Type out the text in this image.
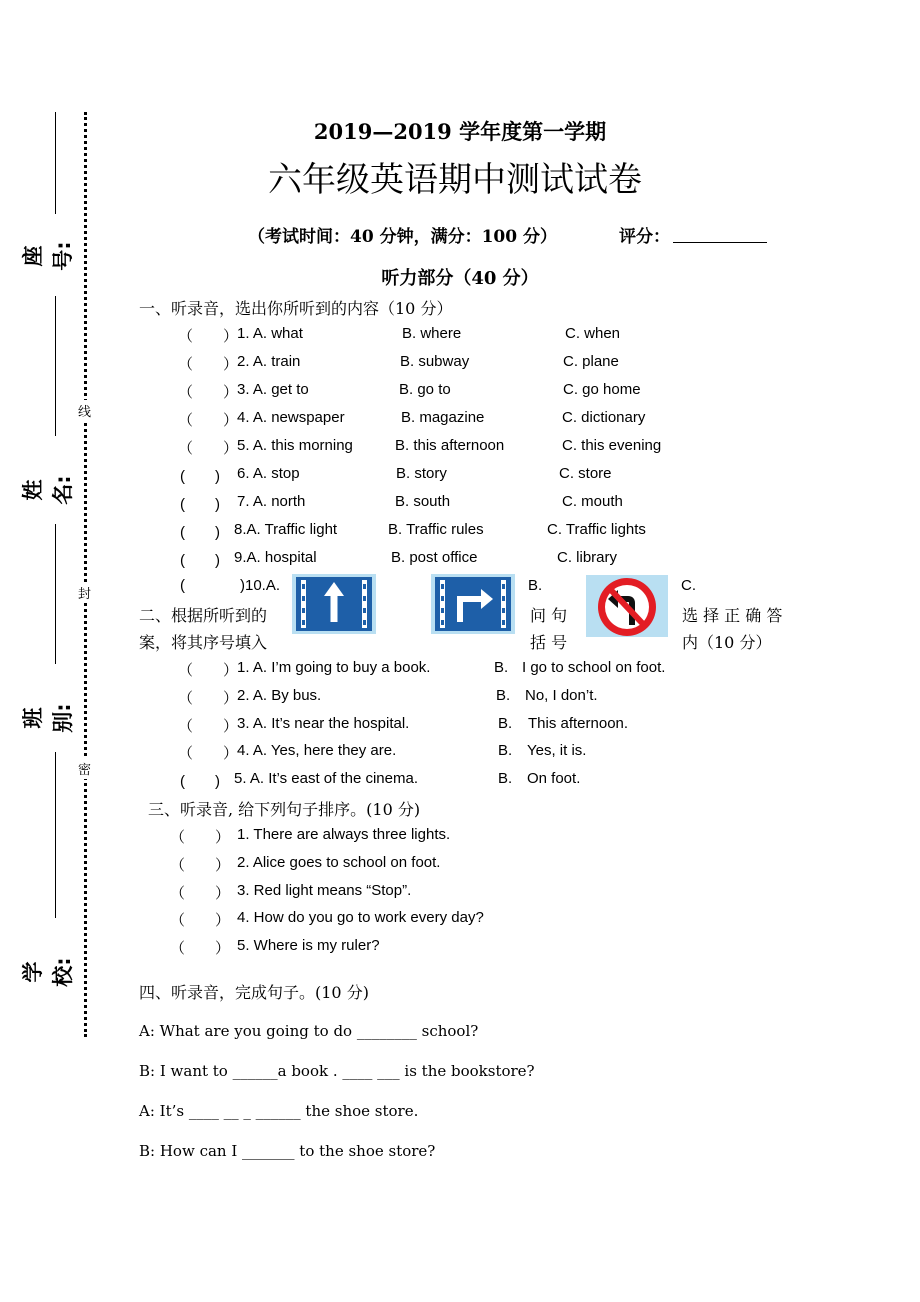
座号:
姓名:
班别:
学校:
线
封
密
2019—2019 学年度第一学期
六年级英语期中测试试卷
（考试时间：40 分钟，满分：100 分）	评分：
听力部分（40 分）
一、听录音，选出你所听到的内容（10 分）
（　　）
1. A. what	B. where	C. when
（　　）
2. A. train	B. subway	C. plane
（　　）
3. A. get to	B. go to	C. go home
（　　）
4. A. newspaper	B. magazine	C. dictionary
（　　）
5. A. this morning	B. this afternoon	C. this evening
(　　) 6. A. stop	B. story	C. store
(　　) 7. A. north	B. south	C. mouth
(　　) 8.A. Traffic light	B. Traffic rules	C. Traffic lights
(　　) 9.A. hospital	B. post office	C. library
(	)10.A.	B.	C.
二、根据所听到的	问 句	选 择 正 确 答
案，将其序号填入	括 号	内（10 分）
（　　）
1. A. I’m going to buy a book.	B. I go to school on foot.
（　　）
2. A. By bus.	B. No, I don’t.
（　　）
3. A. It’s near the hospital.	B. This afternoon.
（　　）
4. A. Yes, here they are.	B. Yes, it is.
(　　) 5. A. It’s east of the cinema.	B. On foot.
三、听录音, 给下列句子排序。(10 分)
（　　） 1. There are always three lights.
（　　） 2. Alice goes to school on foot.
（　　） 3. Red light means “Stop”.
（　　） 4. How do you go to work every day?
（　　） 5. Where is my ruler?
四、听录音，完成句子。(10 分)
A: What are you going to do ________ school?
B: I want to ______a book . ____ ___ is the bookstore?
A: It’s ____ __ _ ______ the shoe store.
B: How can I _______ to the shoe store?
